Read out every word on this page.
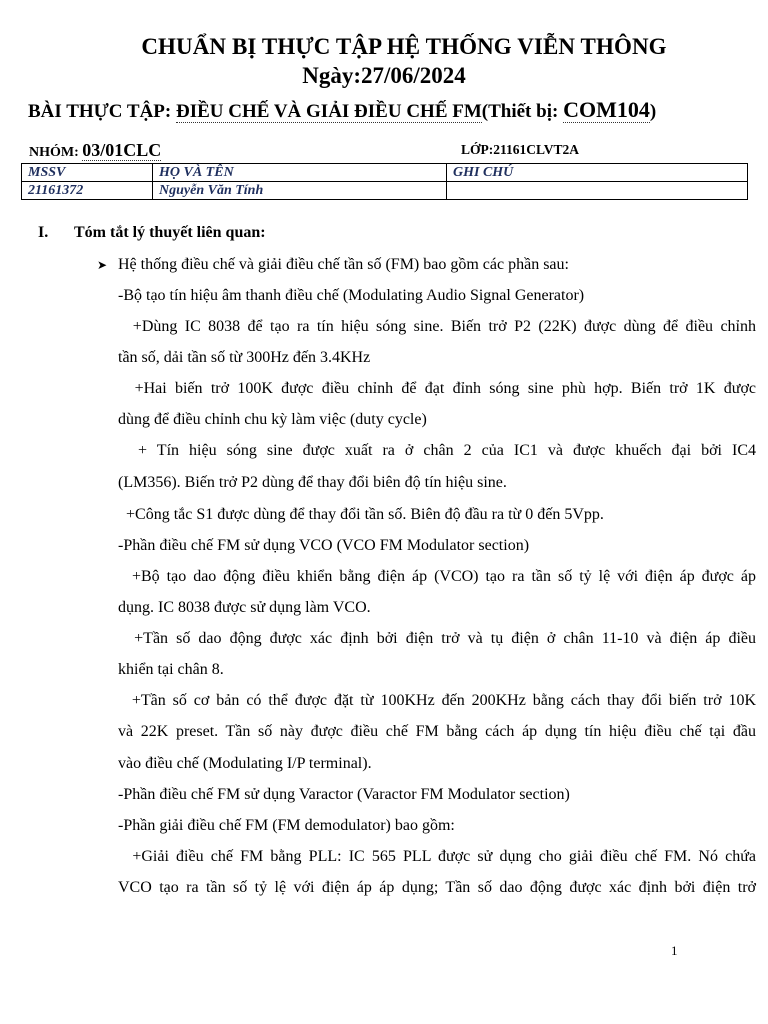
CHUẨN BỊ THỰC TẬP HỆ THỐNG VIỄN THÔNG
Ngày:27/06/2024
BÀI THỰC TẬP: ĐIỀU CHẾ VÀ GIẢI ĐIỀU CHẾ FM(Thiết bị: COM104)
NHÓM: 03/01CLC	LỚP:21161CLVT2A
MSSV	HỌ VÀ TÊN	GHI CHÚ
21161372	Nguyễn Văn Tính	
I. Tóm tắt lý thuyết liên quan:
➤ Hệ thống điều chế và giải điều chế tần số (FM) bao gồm các phần sau:
-Bộ tạo tín hiệu âm thanh điều chế (Modulating Audio Signal Generator)
+Dùng IC 8038 để tạo ra tín hiệu sóng sine. Biến trở P2 (22K) được dùng để điều chỉnh
tần số, dải tần số từ 300Hz đến 3.4KHz
+Hai biến trở 100K được điều chỉnh để đạt đỉnh sóng sine phù hợp. Biến trở 1K được
dùng để điều chỉnh chu kỳ làm việc (duty cycle)
+ Tín hiệu sóng sine được xuất ra ở chân 2 của IC1 và được khuếch đại bởi IC4
(LM356). Biến trở P2 dùng để thay đổi biên độ tín hiệu sine.
+Công tắc S1 được dùng để thay đổi tần số. Biên độ đầu ra từ 0 đến 5Vpp.
-Phần điều chế FM sử dụng VCO (VCO FM Modulator section)
+Bộ tạo dao động điều khiển bằng điện áp (VCO) tạo ra tần số tỷ lệ với điện áp được áp
dụng. IC 8038 được sử dụng làm VCO.
+Tần số dao động được xác định bởi điện trở và tụ điện ở chân 11-10 và điện áp điều
khiển tại chân 8.
+Tần số cơ bản có thể được đặt từ 100KHz đến 200KHz bằng cách thay đổi biến trở 10K
và 22K preset. Tần số này được điều chế FM bằng cách áp dụng tín hiệu điều chế tại đầu
vào điều chế (Modulating I/P terminal).
-Phần điều chế FM sử dụng Varactor (Varactor FM Modulator section)
-Phần giải điều chế FM (FM demodulator) bao gồm:
+Giải điều chế FM bằng PLL: IC 565 PLL được sử dụng cho giải điều chế FM. Nó chứa
VCO tạo ra tần số tỷ lệ với điện áp áp dụng; Tần số dao động được xác định bởi điện trở
1
